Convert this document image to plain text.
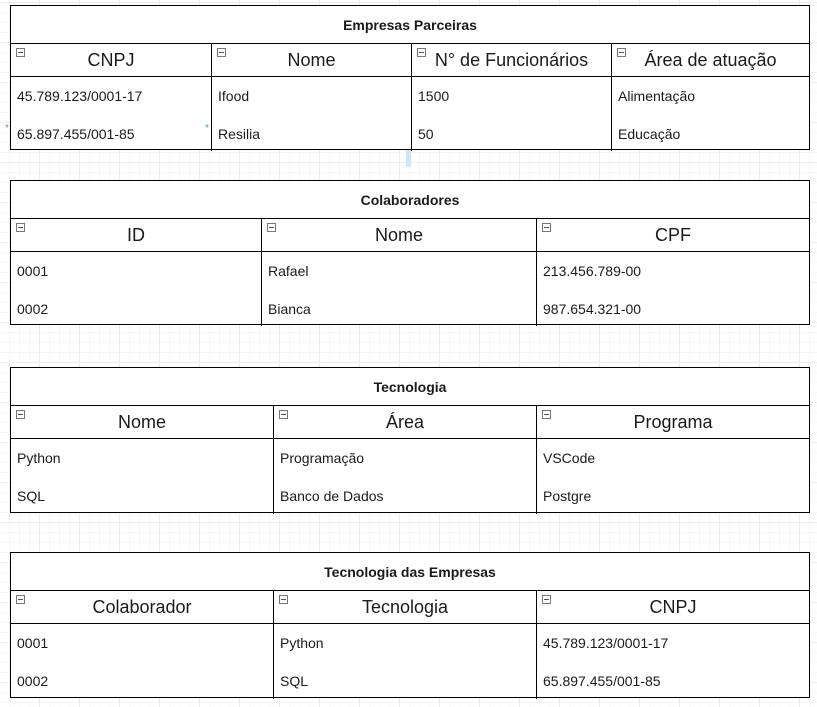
Empresas Parceiras
CNPJ
45.789.123/0001-17
65.897.455/001-85
Nome
Ifood
Resilia
N° de Funcionários
1500
50
Área de atuação
Alimentação
Educação
*	*
Colaboradores
ID
0001
0002
Nome
Rafael
Bianca
CPF
213.456.789-00
987.654.321-00
Tecnologia
Nome
Python
SQL
Área
Programação
Banco de Dados
Programa
VSCode
Postgre
Tecnologia das Empresas
Colaborador
0001
0002
Tecnologia
Python
SQL
CNPJ
45.789.123/0001-17
65.897.455/001-85
